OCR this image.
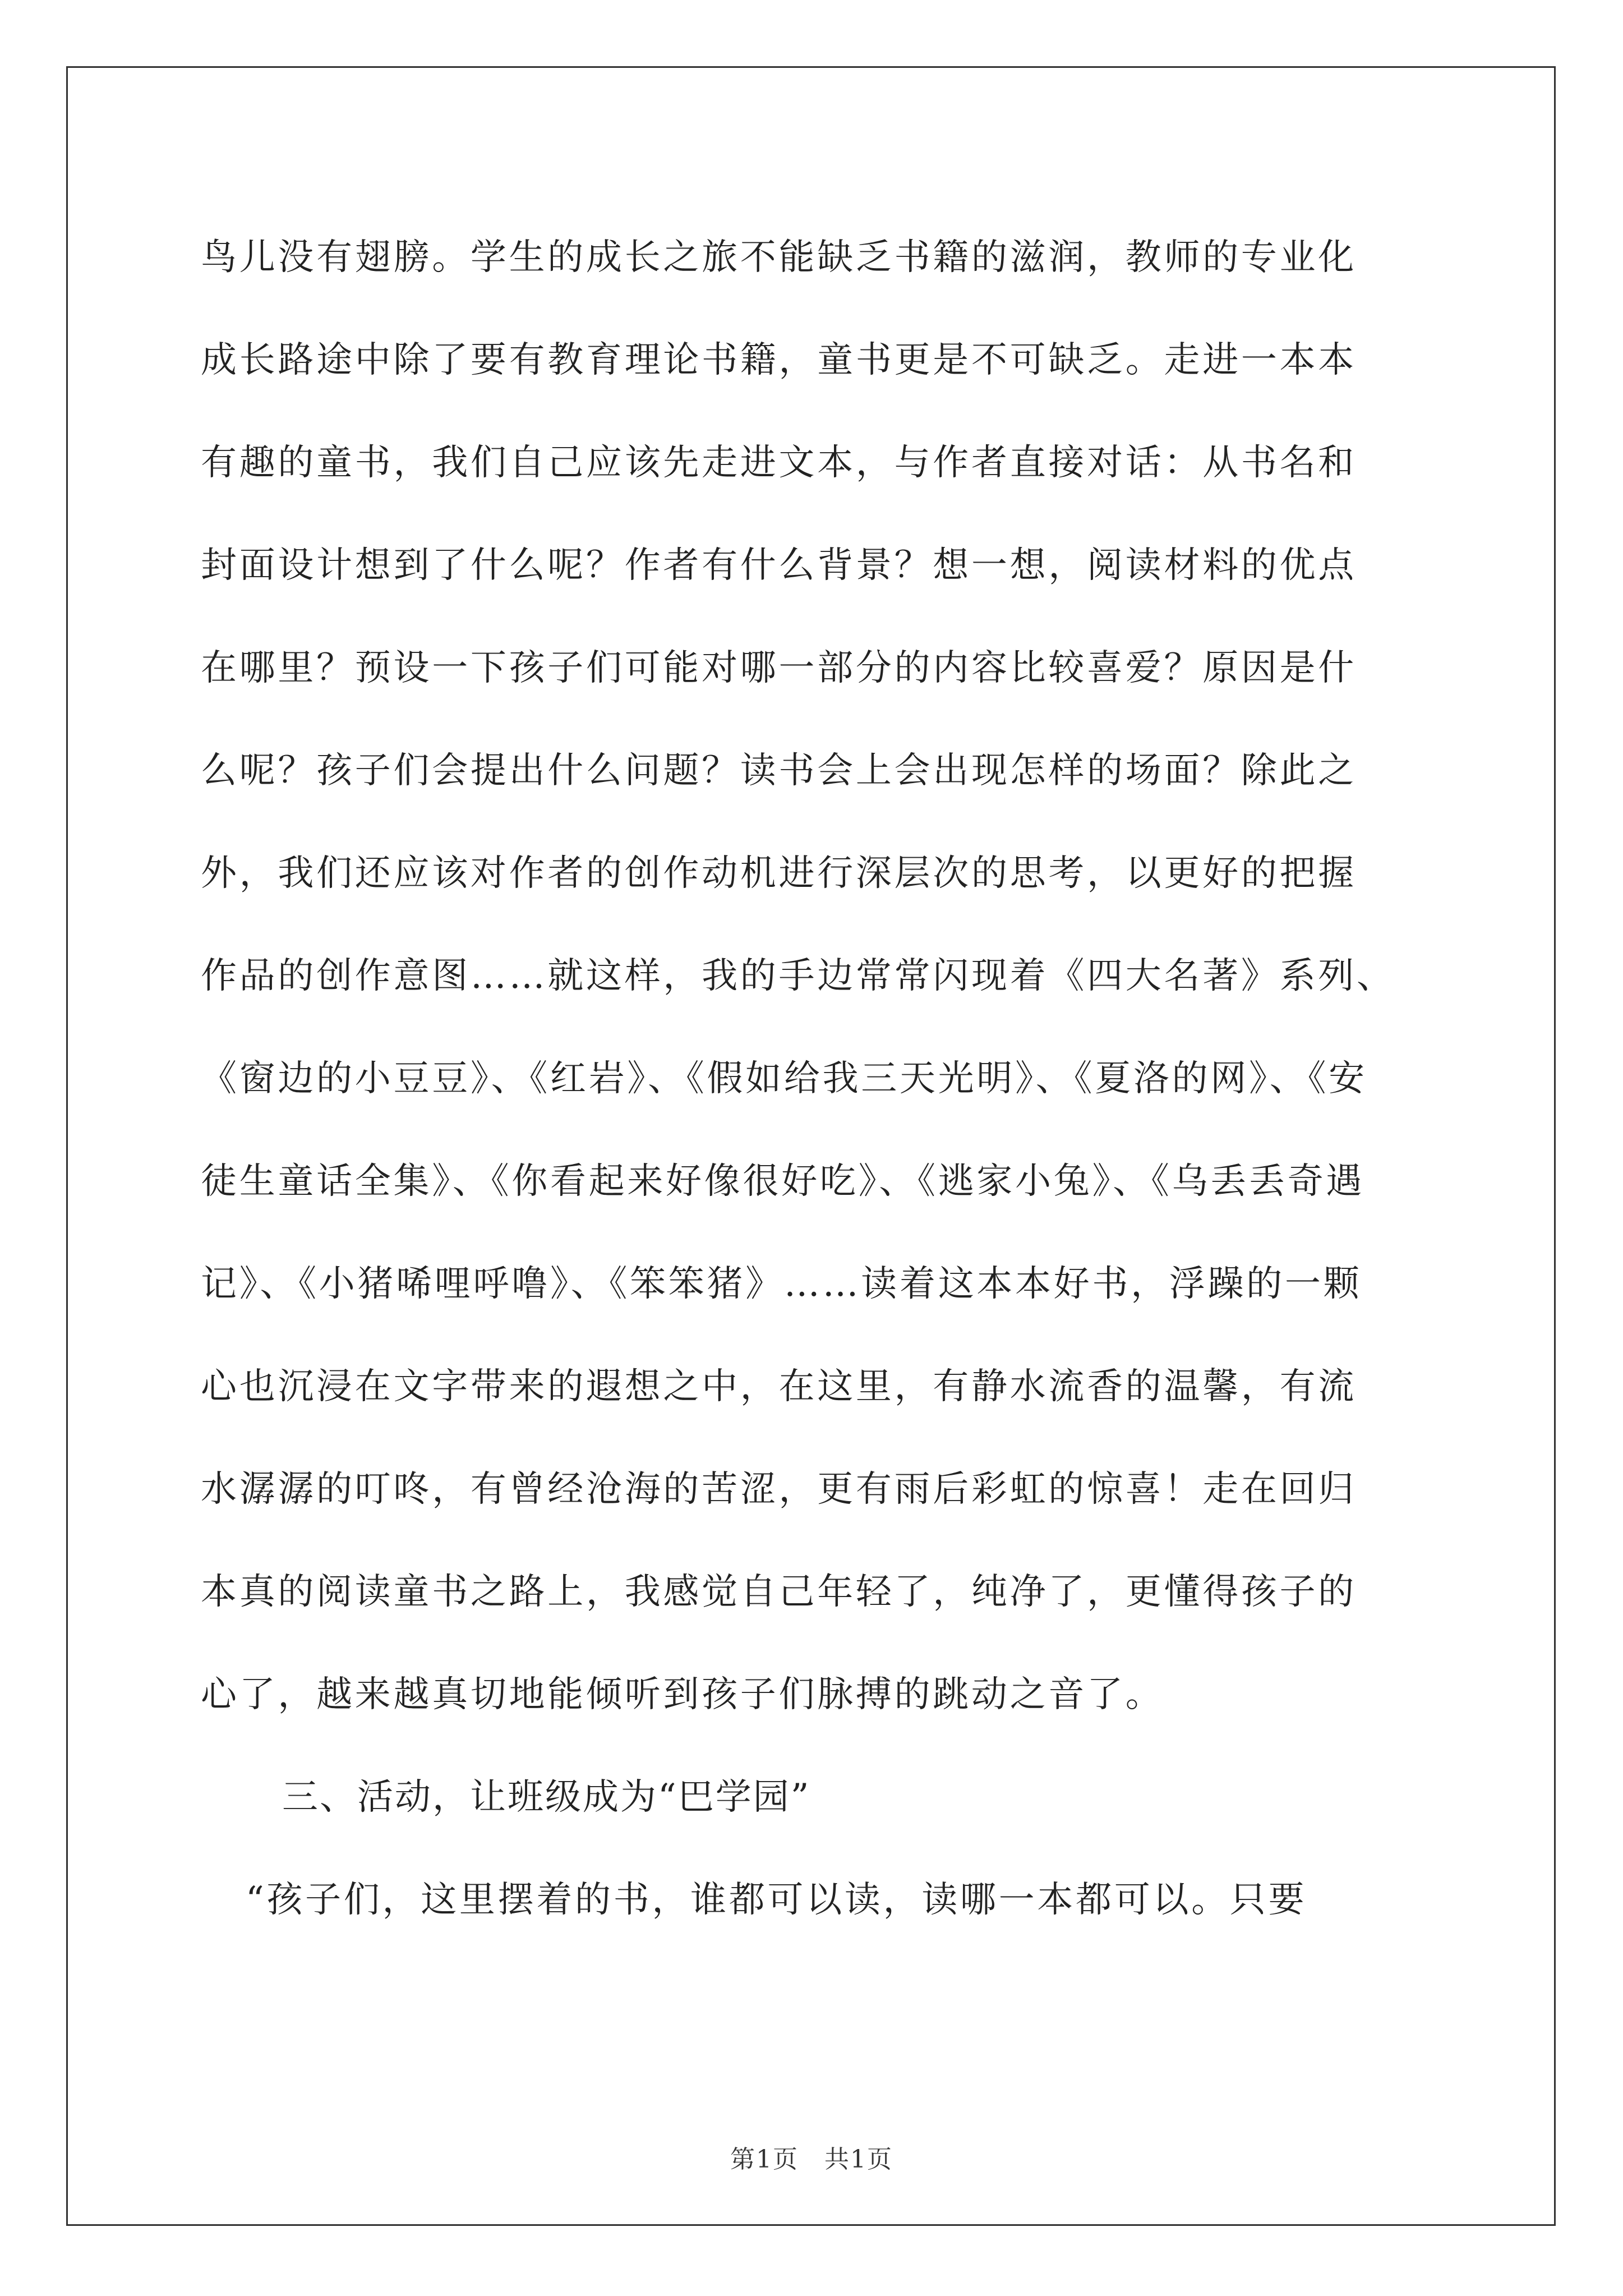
鸟儿没有翅膀。学生的成长之旅不能缺乏书籍的滋润，教师的专业化
成长路途中除了要有教育理论书籍，童书更是不可缺乏。走进一本本
有趣的童书，我们自己应该先走进文本，与作者直接对话：从书名和
封面设计想到了什么呢？作者有什么背景？想一想，阅读材料的优点
在哪里？预设一下孩子们可能对哪一部分的内容比较喜爱？原因是什
么呢？孩子们会提出什么问题？读书会上会出现怎样的场面？除此之
外，我们还应该对作者的创作动机进行深层次的思考，以更好的把握
作品的创作意图……就这样，我的手边常常闪现着《四大名著》系列、
《窗边的小豆豆》、《红岩》、《假如给我三天光明》、《夏洛的网》、《安
徒生童话全集》、《你看起来好像很好吃》、《逃家小兔》、《乌丢丢奇遇
记》、《小猪唏哩呼噜》、《笨笨猪》……读着这本本好书，浮躁的一颗
心也沉浸在文字带来的遐想之中，在这里，有静水流香的温馨，有流
水潺潺的叮咚，有曾经沧海的苦涩，更有雨后彩虹的惊喜！走在回归
本真的阅读童书之路上，我感觉自己年轻了，纯净了，更懂得孩子的
心了，越来越真切地能倾听到孩子们脉搏的跳动之音了。
三、活动，让班级成为“巴学园”
“孩子们，这里摆着的书，谁都可以读，读哪一本都可以。只要
第1页　共1页
